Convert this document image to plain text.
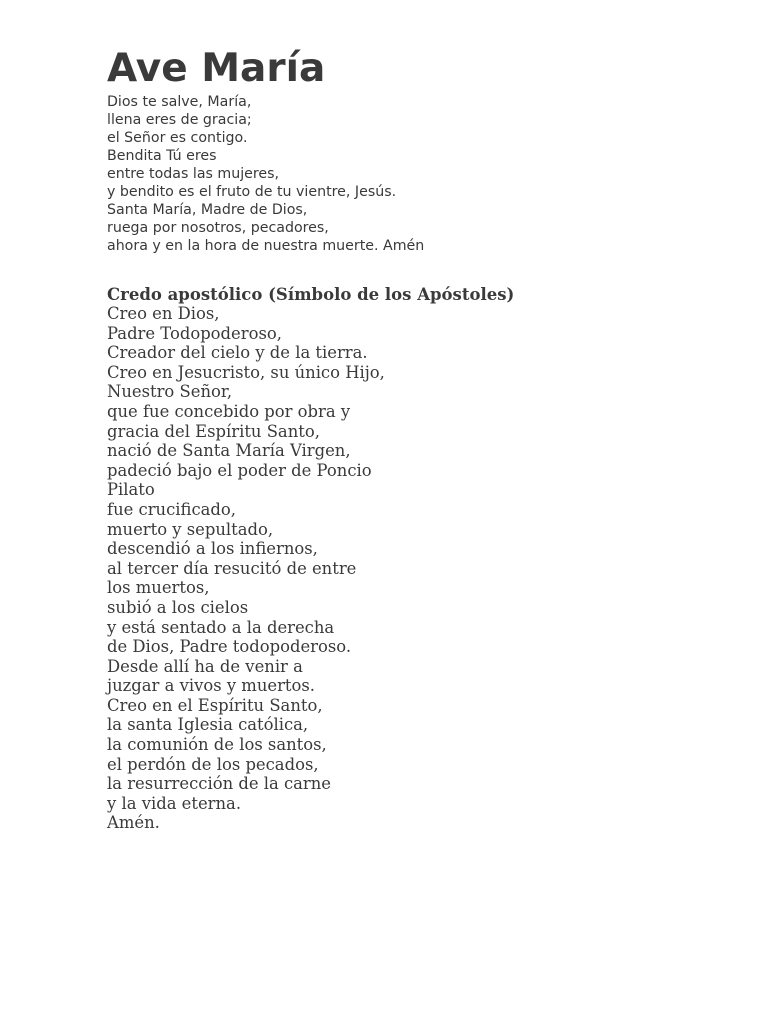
Ave María
Dios te salve, María,
llena eres de gracia;
el Señor es contigo.
Bendita Tú eres
entre todas las mujeres,
y bendito es el fruto de tu vientre, Jesús.
Santa María, Madre de Dios,
ruega por nosotros, pecadores,
ahora y en la hora de nuestra muerte. Amén
Credo apostólico (Símbolo de los Apóstoles)
Creo en Dios,
Padre Todopoderoso,
Creador del cielo y de la tierra.
Creo en Jesucristo, su único Hijo,
Nuestro Señor,
que fue concebido por obra y
gracia del Espíritu Santo,
nació de Santa María Virgen,
padeció bajo el poder de Poncio
Pilato
fue crucificado,
muerto y sepultado,
descendió a los infiernos,
al tercer día resucitó de entre
los muertos,
subió a los cielos
y está sentado a la derecha
de Dios, Padre todopoderoso.
Desde allí ha de venir a
juzgar a vivos y muertos.
Creo en el Espíritu Santo,
la santa Iglesia católica,
la comunión de los santos,
el perdón de los pecados,
la resurrección de la carne
y la vida eterna.
Amén.
